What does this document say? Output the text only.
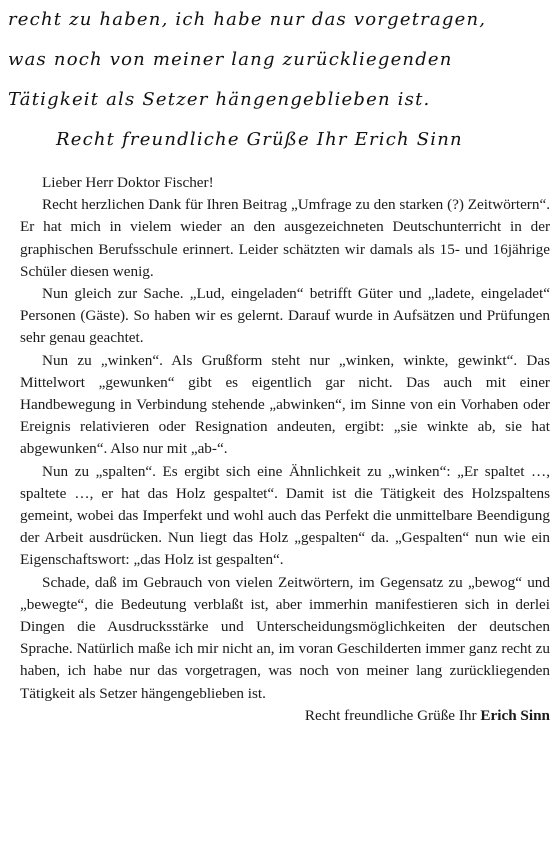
recht zu haben, ich habe nur das vorgetragen,
was noch von meiner lang zurückliegenden
Tätigkeit als Setzer hängengeblieben ist.
Recht freundliche Grüße Ihr Erich Sinn

Lieber Herr Doktor Fischer!

Recht herzlichen Dank für Ihren Beitrag „Umfrage zu den starken (?) Zeitwörtern“. Er hat mich in vielem wieder an den ausgezeichneten Deutschunterricht in der graphischen Berufsschule erinnert. Leider schätzten wir damals als 15- und 16jährige Schüler diesen wenig.

Nun gleich zur Sache. „Lud, eingeladen“ betrifft Güter und „ladete, eingeladet“ Personen (Gäste). So haben wir es gelernt. Darauf wurde in Aufsätzen und Prüfungen sehr genau geachtet.

Nun zu „winken“. Als Grußform steht nur „winken, winkte, gewinkt“. Das Mittelwort „gewunken“ gibt es eigentlich gar nicht. Das auch mit einer Handbewegung in Verbindung stehende „abwinken“, im Sinne von ein Vorhaben oder Ereignis relativieren oder Resignation andeuten, ergibt: „sie winkte ab, sie hat abgewunken“. Also nur mit „ab-“.

Nun zu „spalten“. Es ergibt sich eine Ähnlichkeit zu „winken“: „Er spaltet …, spaltete …, er hat das Holz gespaltet“. Damit ist die Tätigkeit des Holzspaltens gemeint, wobei das Imperfekt und wohl auch das Perfekt die unmittelbare Beendigung der Arbeit ausdrücken. Nun liegt das Holz „gespalten“ da. „Gespalten“ nun wie ein Eigenschaftswort: „das Holz ist gespalten“.

Schade, daß im Gebrauch von vielen Zeitwörtern, im Gegensatz zu „bewog“ und „bewegte“, die Bedeutung verblaßt ist, aber immerhin manifestieren sich in derlei Dingen die Ausdrucksstärke und Unterscheidungsmöglichkeiten der deutschen Sprache. Natürlich maße ich mir nicht an, im voran Geschilderten immer ganz recht zu haben, ich habe nur das vorgetragen, was noch von meiner lang zurückliegenden Tätigkeit als Setzer hängengeblieben ist.

Recht freundliche Grüße Ihr Erich Sinn
